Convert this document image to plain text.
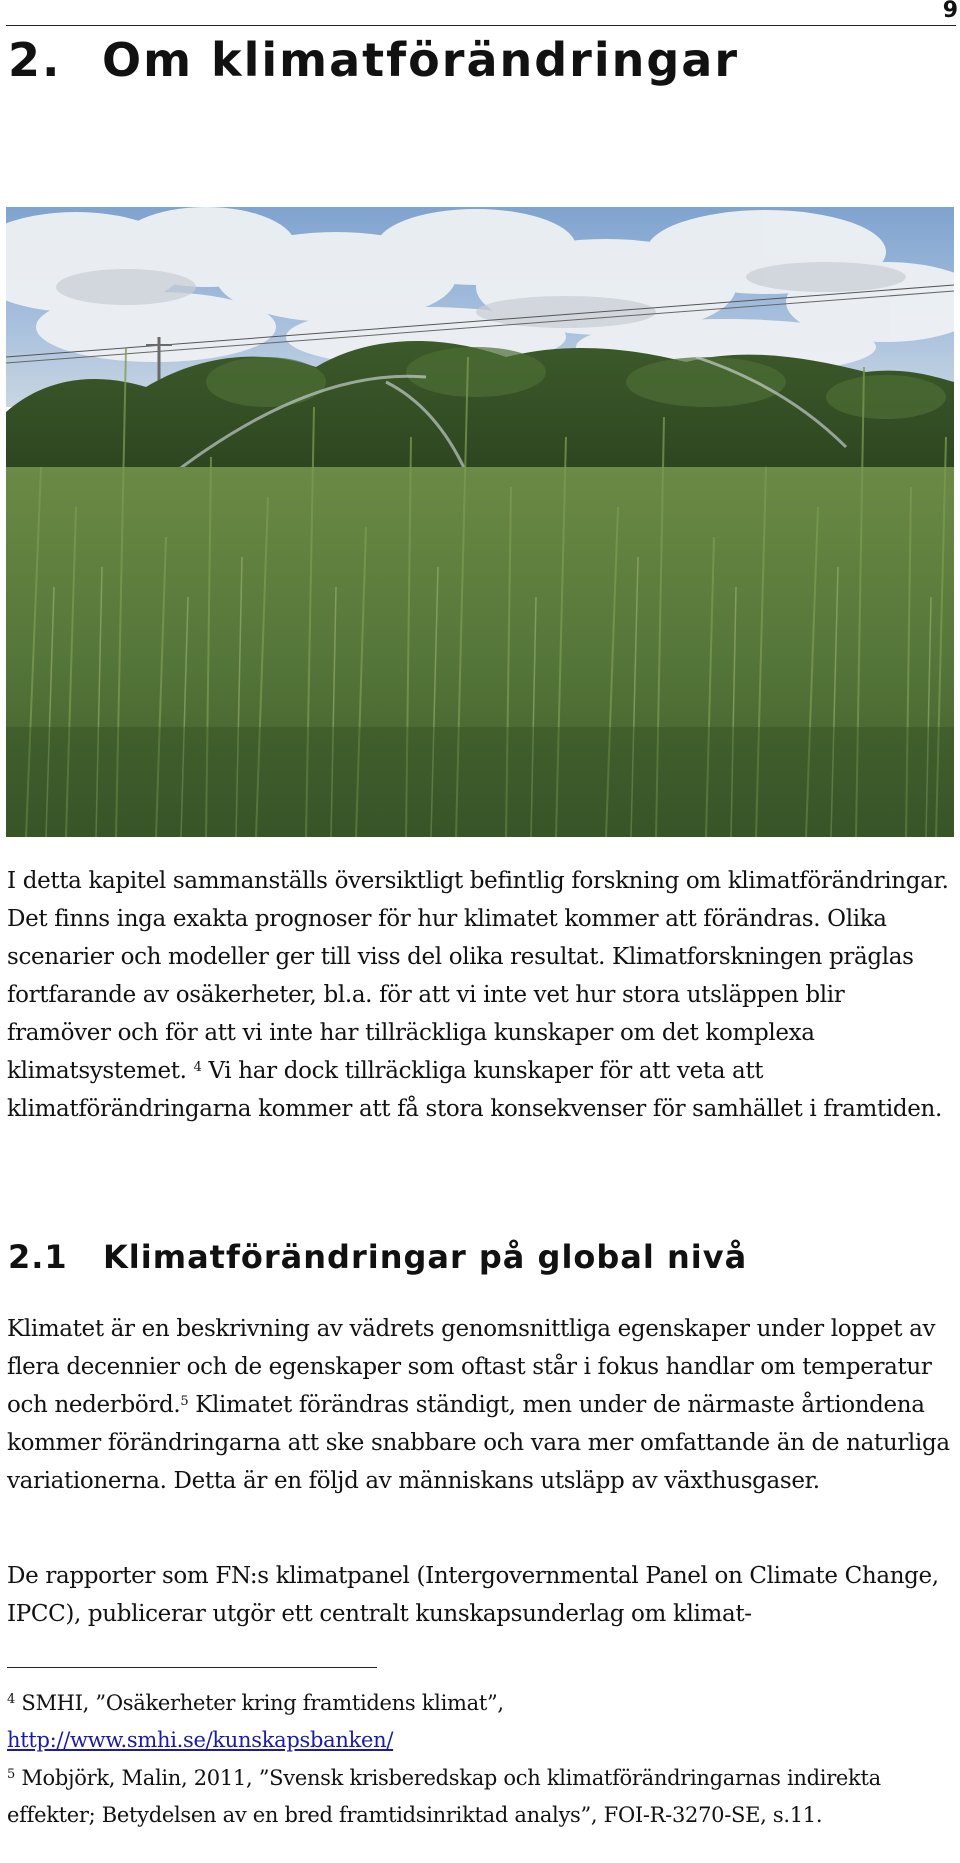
9
2. Om klimatförändringar

I detta kapitel sammanställs översiktligt befintlig forskning om klimatförändringar. Det finns inga exakta prognoser för hur klimatet kommer att förändras. Olika scenarier och modeller ger till viss del olika resultat. Klimatforskningen präglas fortfarande av osäkerheter, bl.a. för att vi inte vet hur stora utsläppen blir framöver och för att vi inte har tillräckliga kunskaper om det komplexa klimatsystemet. $^4$ Vi har dock tillräckliga kunskaper för att veta att klimatförändringarna kommer att få stora konsekvenser för samhället i framtiden.

2.1 Klimatförändringar på global nivå

Klimatet är en beskrivning av vädrets genomsnittliga egenskaper under loppet av flera decennier och de egenskaper som oftast står i fokus handlar om temperatur och nederbörd.$^5$ Klimatet förändras ständigt, men under de närmaste årtiondena kommer förändringarna att ske snabbare och vara mer omfattande än de naturliga variationerna. Detta är en följd av människans utsläpp av växthusgaser.

De rapporter som FN:s klimatpanel (Intergovernmental Panel on Climate Change, IPCC), publicerar utgör ett centralt kunskapsunderlag om klimat-

$^4$ SMHI, ”Osäkerheter kring framtidens klimat”,
http://www.smhi.se/kunskapsbanken/

$^5$ Mobjörk, Malin, 2011, ”Svensk krisberedskap och klimatförändringarnas indirekta effekter; Betydelsen av en bred framtidsinriktad analys”, FOI-R-3270-SE, s.11.
